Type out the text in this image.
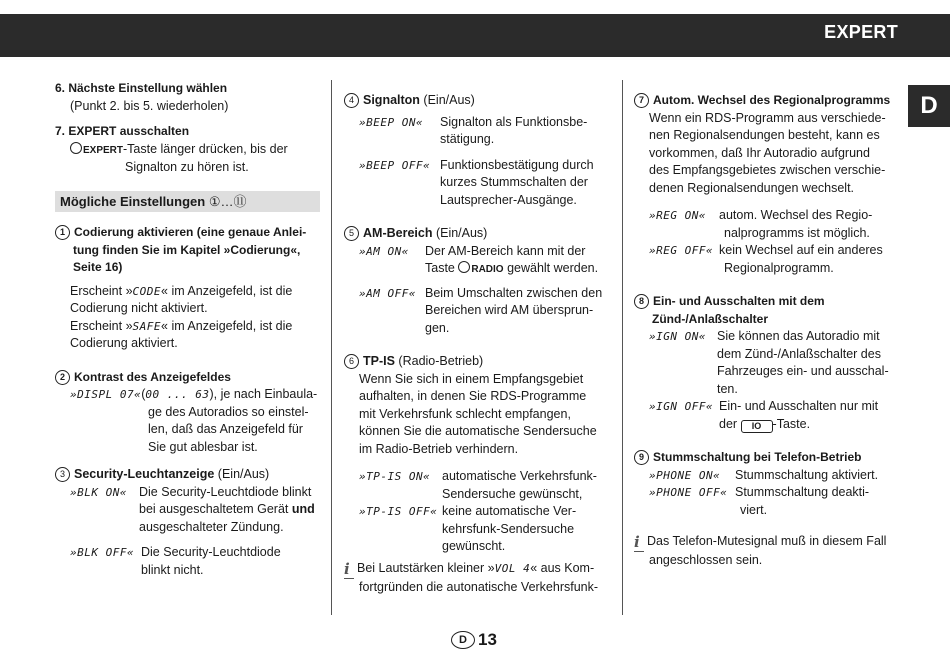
EXPERT
D

6. Nächste Einstellung wählen

(Punkt 2. bis 5. wiederholen)

7. EXPERT ausschalten

EXPERT-Taste länger drücken, bis der

Signalton zu hören ist.

Mögliche Einstellungen ①…⑪

1 Codierung aktivieren (eine genaue Anlei-

tung finden Sie im Kapitel »Codierung«,

Seite 16)

Erscheint »CODE« im Anzeigefeld, ist die

Codierung nicht aktiviert.

Erscheint »SAFE« im Anzeigefeld, ist die

Codierung aktiviert.

2 Kontrast des Anzeigefeldes

»DISPL 07« (00 ... 63), je nach Einbaula-

ge des Autoradios so einstel-

len, daß das Anzeigefeld für

Sie gut ablesbar ist.

3 Security-Leuchtanzeige (Ein/Aus)

»BLK ON« Die Security-Leuchtdiode blinkt

bei ausgeschaltetem Gerät und

ausgeschalteter Zündung.

»BLK OFF« Die Security-Leuchtdiode

blinkt nicht.

4 Signalton (Ein/Aus)

»BEEP ON«	Signalton als Funktionsbe-

stätigung.

»BEEP OFF« Funktionsbestätigung durch

kurzes Stummschalten der

Lautsprecher-Ausgänge.

5 AM-Bereich (Ein/Aus)

»AM ON«	Der AM-Bereich kann mit der

Taste RADIO gewählt werden.

»AM OFF« Beim Umschalten zwischen den

Bereichen wird AM übersprun-

gen.

6 TP-IS (Radio-Betrieb)

Wenn Sie sich in einem Empfangsgebiet

aufhalten, in denen Sie RDS-Programme

mit Verkehrsfunk schlecht empfangen,

können Sie die automatische Sendersuche

im Radio-Betrieb verhindern.

»TP-IS ON« automatische Verkehrsfunk-

Sendersuche gewünscht,

»TP-IS OFF« keine automatische Ver-

kehrsfunk-Sendersuche

gewünscht.

i Bei Lautstärken kleiner »VOL 4« aus Kom-

fortgründen die autonatische Verkehrsfunk-

7 Autom. Wechsel des Regionalprogramms

Wenn ein RDS-Programm aus verschiede-

nen Regionalsendungen besteht, kann es

vorkommen, daß Ihr Autoradio aufgrund

des Empfangsgebietes zwischen verschie-

denen Regionalsendungen wechselt.

»REG ON«	autom. Wechsel des Regio-

nalprogramms ist möglich.

»REG OFF« kein Wechsel auf ein anderes

Regionalprogramm.

8 Ein- und Ausschalten mit dem

Zünd-/Anlaßschalter

»IGN ON« Sie können das Autoradio mit

dem Zünd-/Anlaßschalter des

Fahrzeuges ein- und ausschal-

ten.

»IGN OFF« Ein- und Ausschalten nur mit

der IO -Taste.

9 Stummschaltung bei Telefon-Betrieb

»PHONE ON«	Stummschaltung aktiviert.
»PHONE OFF« Stummschaltung deakti-

viert.

i Das Telefon-Mutesignal muß in diesem Fall

angeschlossen sein.

D 13
